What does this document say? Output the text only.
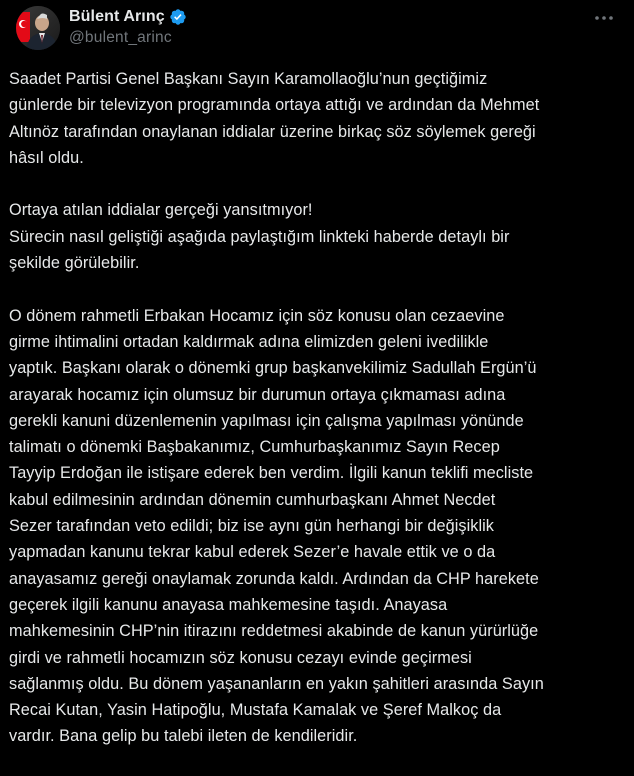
Bülent Arınç
@bulent_arinc
Saadet Partisi Genel Başkanı Sayın Karamollaoğlu’nun geçtiğimiz
günlerde bir televizyon programında ortaya attığı ve ardından da Mehmet
Altınöz tarafından onaylanan iddialar üzerine birkaç söz söylemek gereği
hâsıl oldu.
Ortaya atılan iddialar gerçeği yansıtmıyor!
Sürecin nasıl geliştiği aşağıda paylaştığım linkteki haberde detaylı bir
şekilde görülebilir.
O dönem rahmetli Erbakan Hocamız için söz konusu olan cezaevine
girme ihtimalini ortadan kaldırmak adına elimizden geleni ivedilikle
yaptık. Başkanı olarak o dönemki grup başkanvekilimiz Sadullah Ergün’ü
arayarak hocamız için olumsuz bir durumun ortaya çıkmaması adına
gerekli kanuni düzenlemenin yapılması için çalışma yapılması yönünde
talimatı o dönemki Başbakanımız, Cumhurbaşkanımız Sayın Recep
Tayyip Erdoğan ile istişare ederek ben verdim. İlgili kanun teklifi mecliste
kabul edilmesinin ardından dönemin cumhurbaşkanı Ahmet Necdet
Sezer tarafından veto edildi; biz ise aynı gün herhangi bir değişiklik
yapmadan kanunu tekrar kabul ederek Sezer’e havale ettik ve o da
anayasamız gereği onaylamak zorunda kaldı. Ardından da CHP harekete
geçerek ilgili kanunu anayasa mahkemesine taşıdı. Anayasa
mahkemesinin CHP’nin itirazını reddetmesi akabinde de kanun yürürlüğe
girdi ve rahmetli hocamızın söz konusu cezayı evinde geçirmesi
sağlanmış oldu. Bu dönem yaşananların en yakın şahitleri arasında Sayın
Recai Kutan, Yasin Hatipoğlu, Mustafa Kamalak ve Şeref Malkoç da
vardır. Bana gelip bu talebi ileten de kendileridir.
